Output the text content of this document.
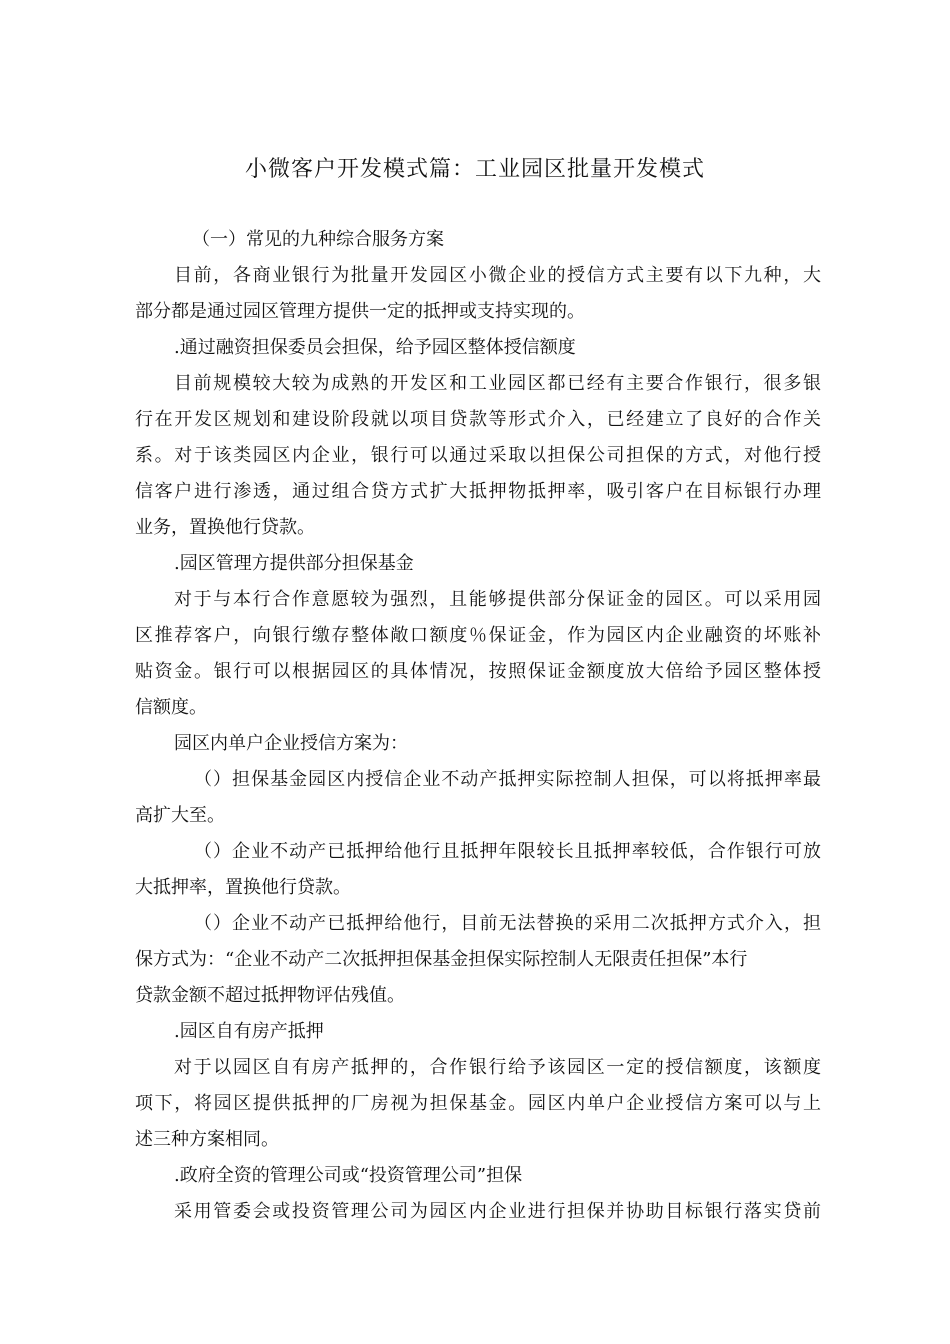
小微客户开发模式篇：工业园区批量开发模式
（一）常见的九种综合服务方案
目前，各商业银行为批量开发园区小微企业的授信方式主要有以下九种，大
部分都是通过园区管理方提供一定的抵押或支持实现的。
.通过融资担保委员会担保，给予园区整体授信额度
目前规模较大较为成熟的开发区和工业园区都已经有主要合作银行，很多银
行在开发区规划和建设阶段就以项目贷款等形式介入，已经建立了良好的合作关
系。对于该类园区内企业，银行可以通过采取以担保公司担保的方式，对他行授
信客户进行渗透，通过组合贷方式扩大抵押物抵押率，吸引客户在目标银行办理
业务，置换他行贷款。
.园区管理方提供部分担保基金
对于与本行合作意愿较为强烈，且能够提供部分保证金的园区。可以采用园
区推荐客户，向银行缴存整体敞口额度％保证金，作为园区内企业融资的坏账补
贴资金。银行可以根据园区的具体情况，按照保证金额度放大倍给予园区整体授
信额度。
园区内单户企业授信方案为：
（）担保基金园区内授信企业不动产抵押实际控制人担保，可以将抵押率最
高扩大至。
（）企业不动产已抵押给他行且抵押年限较长且抵押率较低，合作银行可放
大抵押率，置换他行贷款。
（）企业不动产已抵押给他行，目前无法替换的采用二次抵押方式介入，担
保方式为：“企业不动产二次抵押担保基金担保实际控制人无限责任担保”本行
贷款金额不超过抵押物评估残值。
.园区自有房产抵押
对于以园区自有房产抵押的，合作银行给予该园区一定的授信额度，该额度
项下，将园区提供抵押的厂房视为担保基金。园区内单户企业授信方案可以与上
述三种方案相同。
.政府全资的管理公司或“投资管理公司”担保
采用管委会或投资管理公司为园区内企业进行担保并协助目标银行落实贷前
